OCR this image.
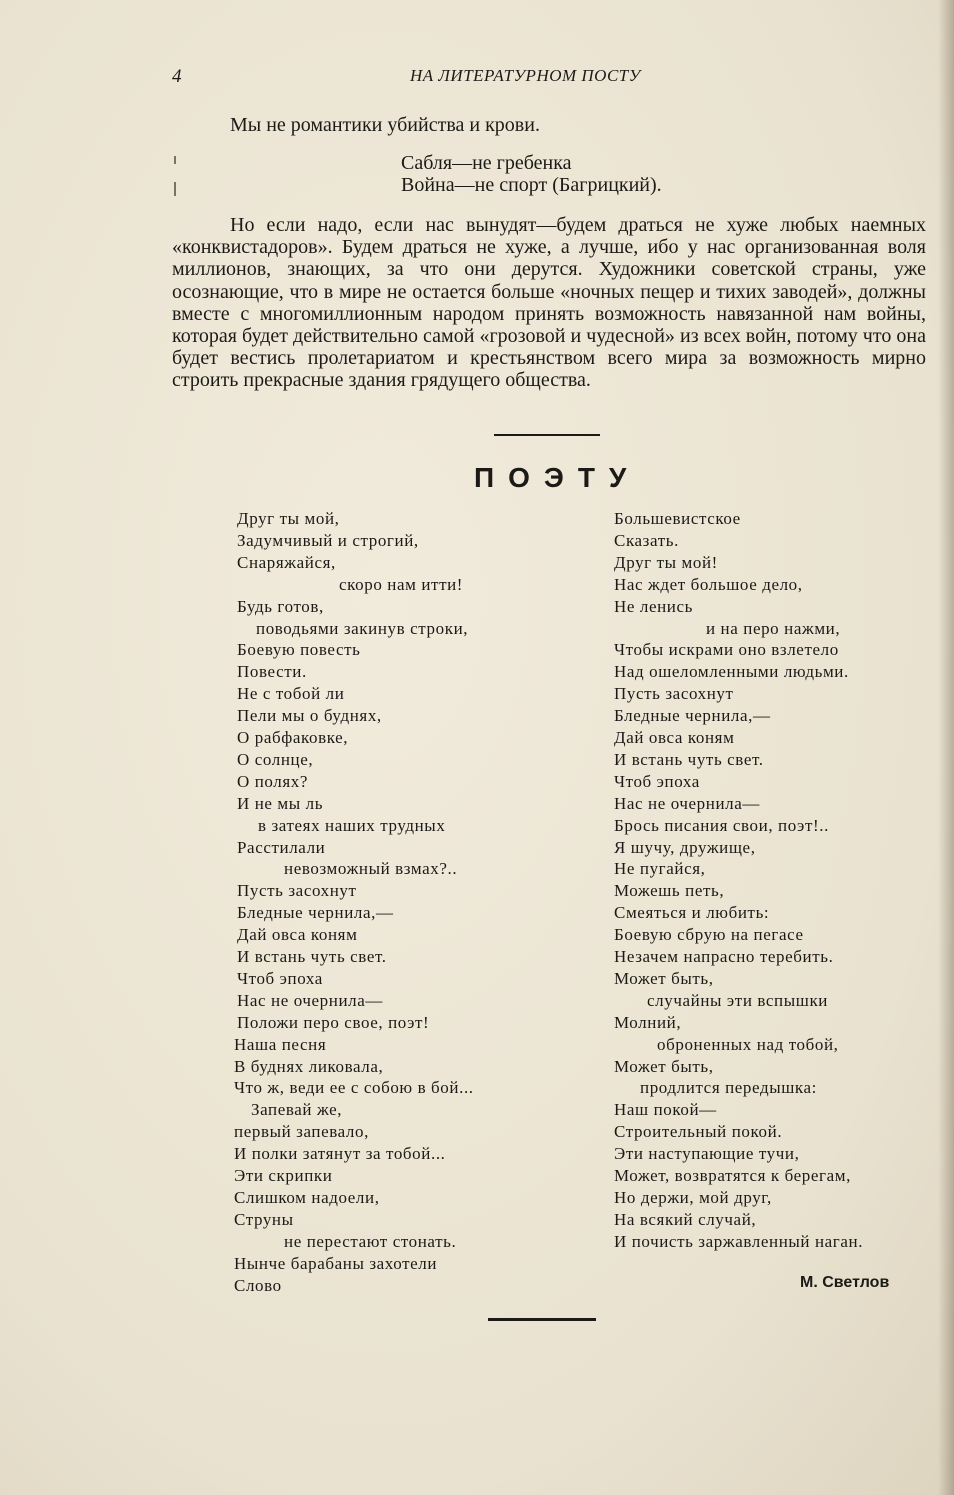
4	НА ЛИТЕРАТУРНОМ ПОСТУ
Мы не романтики убийства и крови.
Сабля—не гребенка
Война—не спорт (Багрицкий).

Но если надо, если нас вынудят—будем драться не хуже любых наемных «конквистадоров». Будем драться не хуже, а лучше, ибо у нас организованная воля миллионов, знающих, за что они дерутся. Художники советской страны, уже осознающие, что в мире не остается больше «ночных пещер и тихих заводей», должны вместе с многомиллионным народом принять возможность навязанной нам войны, которая будет действительно самой «грозовой и чудесной» из всех войн, потому что она будет вестись пролетариатом и крестьянством всего мира за возможность мирно строить прекрасные здания грядущего общества.

ПОЭТУ
Друг ты мой,
Задумчивый и строгий,
Снаряжайся,
скоро нам итти!
Будь готов,
поводьями закинув строки,
Боевую повесть
Повести.
Не с тобой ли
Пели мы о буднях,
О рабфаковке,
О солнце,
О полях?
И не мы ль
в затеях наших трудных
Расстилали
невозможный взмах?..
Пусть засохнут
Бледные чернила,—
Дай овса коням
И встань чуть свет.
Чтоб эпоха
Нас не очернила—
Положи перо свое, поэт!
Наша песня
В буднях ликовала,
Что ж, веди ее с собою в бой...
Запевай же,
первый запевало,
И полки затянут за тобой...
Эти скрипки
Слишком надоели,
Струны
не перестают стонать.
Нынче барабаны захотели
Слово
Большевистское
Сказать.
Друг ты мой!
Нас ждет большое дело,
Не ленись
и на перо нажми,
Чтобы искрами оно взлетело
Над ошеломленными людьми.
Пусть засохнут
Бледные чернила,—
Дай овса коням
И встань чуть свет.
Чтоб эпоха
Нас не очернила—
Брось писания свои, поэт!..
Я шучу, дружище,
Не пугайся,
Можешь петь,
Смеяться и любить:
Боевую сбрую на пегасе
Незачем напрасно теребить.
Может быть,
случайны эти вспышки
Молний,
оброненных над тобой,
Может быть,
продлится передышка:
Наш покой—
Строительный покой.
Эти наступающие тучи,
Может, возвратятся к берегам,
Но держи, мой друг,
На всякий случай,
И почисть заржавленный наган.
М. Светлов
